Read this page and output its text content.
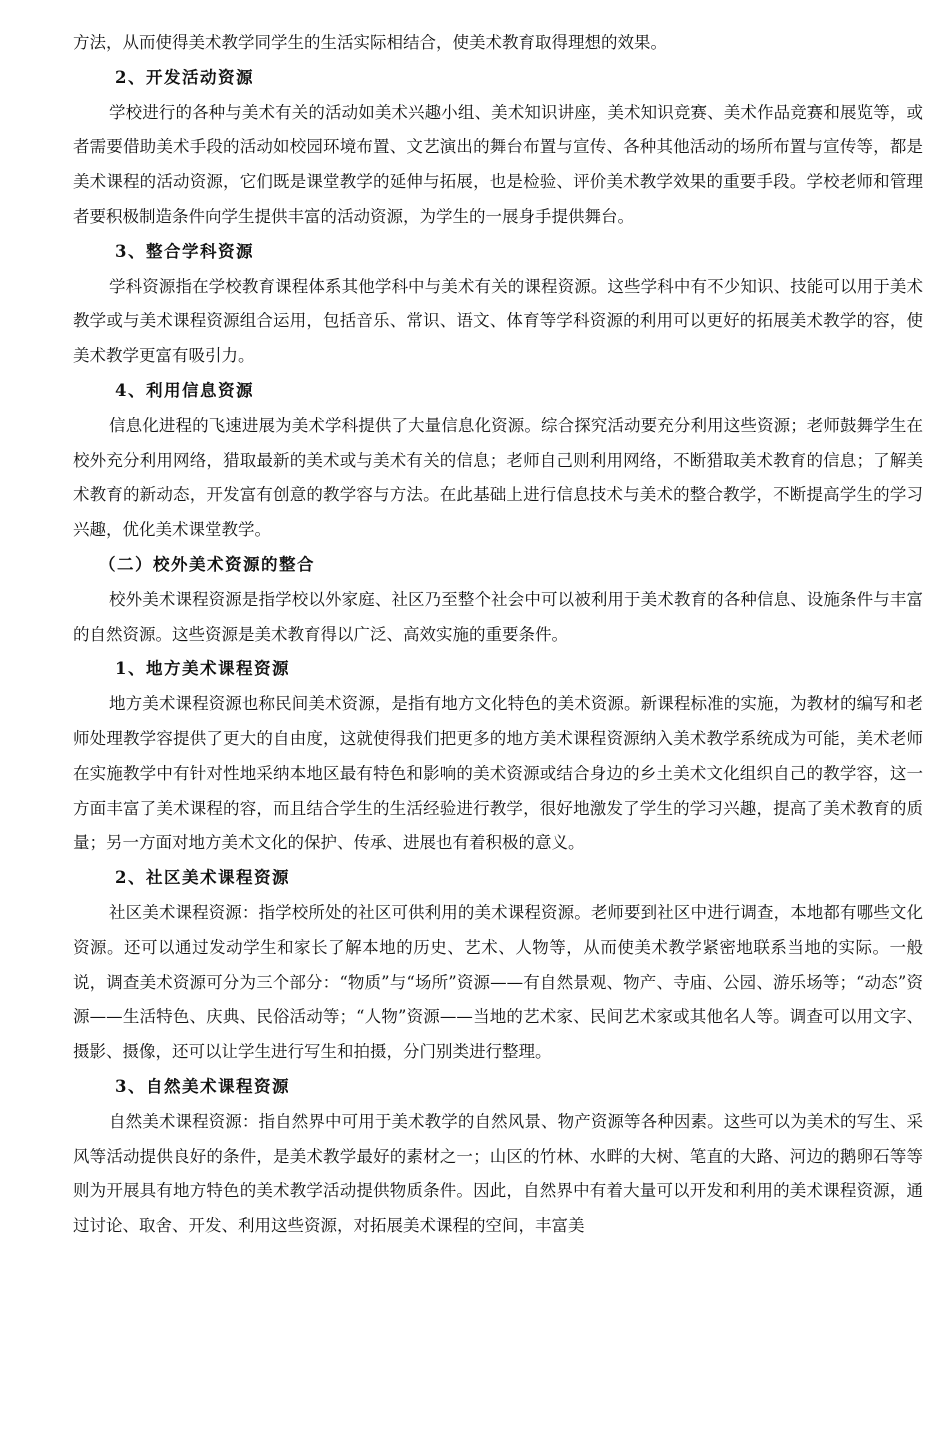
方法，从而使得美术教学同学生的生活实际相结合，使美术教育取得理想的效果。

2、开发活动资源

学校进行的各种与美术有关的活动如美术兴趣小组、美术知识讲座，美术知识竞赛、美术作品竞赛和展览等，或者需要借助美术手段的活动如校园环境布置、文艺演出的舞台布置与宣传、各种其他活动的场所布置与宣传等，都是美术课程的活动资源，它们既是课堂教学的延伸与拓展，也是检验、评价美术教学效果的重要手段。学校老师和管理者要积极制造条件向学生提供丰富的活动资源，为学生的一展身手提供舞台。

3、整合学科资源

学科资源指在学校教育课程体系其他学科中与美术有关的课程资源。这些学科中有不少知识、技能可以用于美术教学或与美术课程资源组合运用，包括音乐、常识、语文、体育等学科资源的利用可以更好的拓展美术教学的容，使美术教学更富有吸引力。

4、利用信息资源

信息化进程的飞速进展为美术学科提供了大量信息化资源。综合探究活动要充分利用这些资源；老师鼓舞学生在校外充分利用网络，猎取最新的美术或与美术有关的信息；老师自己则利用网络，不断猎取美术教育的信息；了解美术教育的新动态，开发富有创意的教学容与方法。在此基础上进行信息技术与美术的整合教学，不断提高学生的学习兴趣，优化美术课堂教学。

（二）校外美术资源的整合

校外美术课程资源是指学校以外家庭、社区乃至整个社会中可以被利用于美术教育的各种信息、设施条件与丰富的自然资源。这些资源是美术教育得以广泛、高效实施的重要条件。

1、地方美术课程资源

地方美术课程资源也称民间美术资源，是指有地方文化特色的美术资源。新课程标准的实施，为教材的编写和老师处理教学容提供了更大的自由度，这就使得我们把更多的地方美术课程资源纳入美术教学系统成为可能，美术老师在实施教学中有针对性地采纳本地区最有特色和影响的美术资源或结合身边的乡土美术文化组织自己的教学容，这一方面丰富了美术课程的容，而且结合学生的生活经验进行教学，很好地激发了学生的学习兴趣，提高了美术教育的质量；另一方面对地方美术文化的保护、传承、进展也有着积极的意义。

2、社区美术课程资源

社区美术课程资源：指学校所处的社区可供利用的美术课程资源。老师要到社区中进行调查，本地都有哪些文化资源。还可以通过发动学生和家长了解本地的历史、艺术、人物等，从而使美术教学紧密地联系当地的实际。一般说，调查美术资源可分为三个部分：“物质”与“场所”资源——有自然景观、物产、寺庙、公园、游乐场等；“动态”资源——生活特色、庆典、民俗活动等；“人物”资源——当地的艺术家、民间艺术家或其他名人等。调查可以用文字、摄影、摄像，还可以让学生进行写生和拍摄，分门别类进行整理。

3、自然美术课程资源

自然美术课程资源：指自然界中可用于美术教学的自然风景、物产资源等各种因素。这些可以为美术的写生、采风等活动提供良好的条件，是美术教学最好的素材之一；山区的竹林、水畔的大树、笔直的大路、河边的鹅卵石等等则为开展具有地方特色的美术教学活动提供物质条件。因此，自然界中有着大量可以开发和利用的美术课程资源，通过讨论、取舍、开发、利用这些资源，对拓展美术课程的空间，丰富美
